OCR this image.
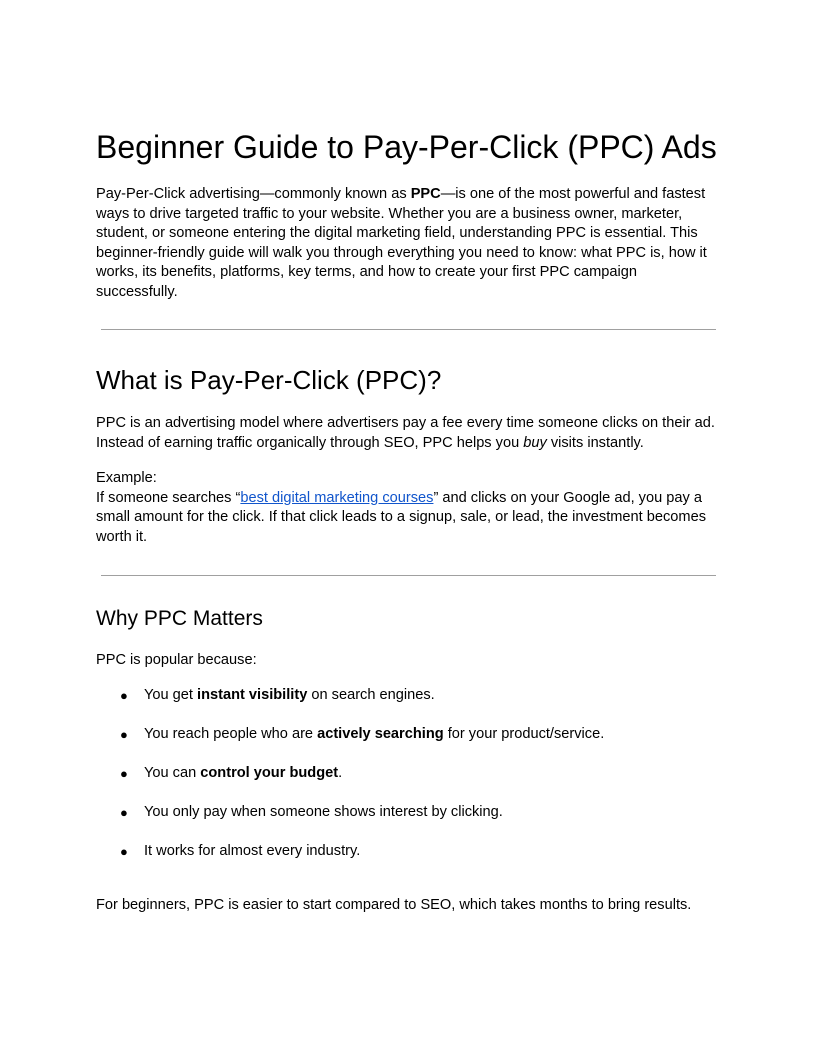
Beginner Guide to Pay-Per-Click (PPC) Ads

Pay-Per-Click advertising—commonly known as PPC—is one of the most powerful and fastest ways to drive targeted traffic to your website. Whether you are a business owner, marketer, student, or someone entering the digital marketing field, understanding PPC is essential. This beginner-friendly guide will walk you through everything you need to know: what PPC is, how it works, its benefits, platforms, key terms, and how to create your first PPC campaign successfully.

What is Pay-Per-Click (PPC)?

PPC is an advertising model where advertisers pay a fee every time someone clicks on their ad. Instead of earning traffic organically through SEO, PPC helps you buy visits instantly.

Example:
If someone searches “best digital marketing courses” and clicks on your Google ad, you pay a small amount for the click. If that click leads to a signup, sale, or lead, the investment becomes worth it.

Why PPC Matters

PPC is popular because:

● You get instant visibility on search engines.
● You reach people who are actively searching for your product/service.
● You can control your budget.
● You only pay when someone shows interest by clicking.
● It works for almost every industry.

For beginners, PPC is easier to start compared to SEO, which takes months to bring results.
